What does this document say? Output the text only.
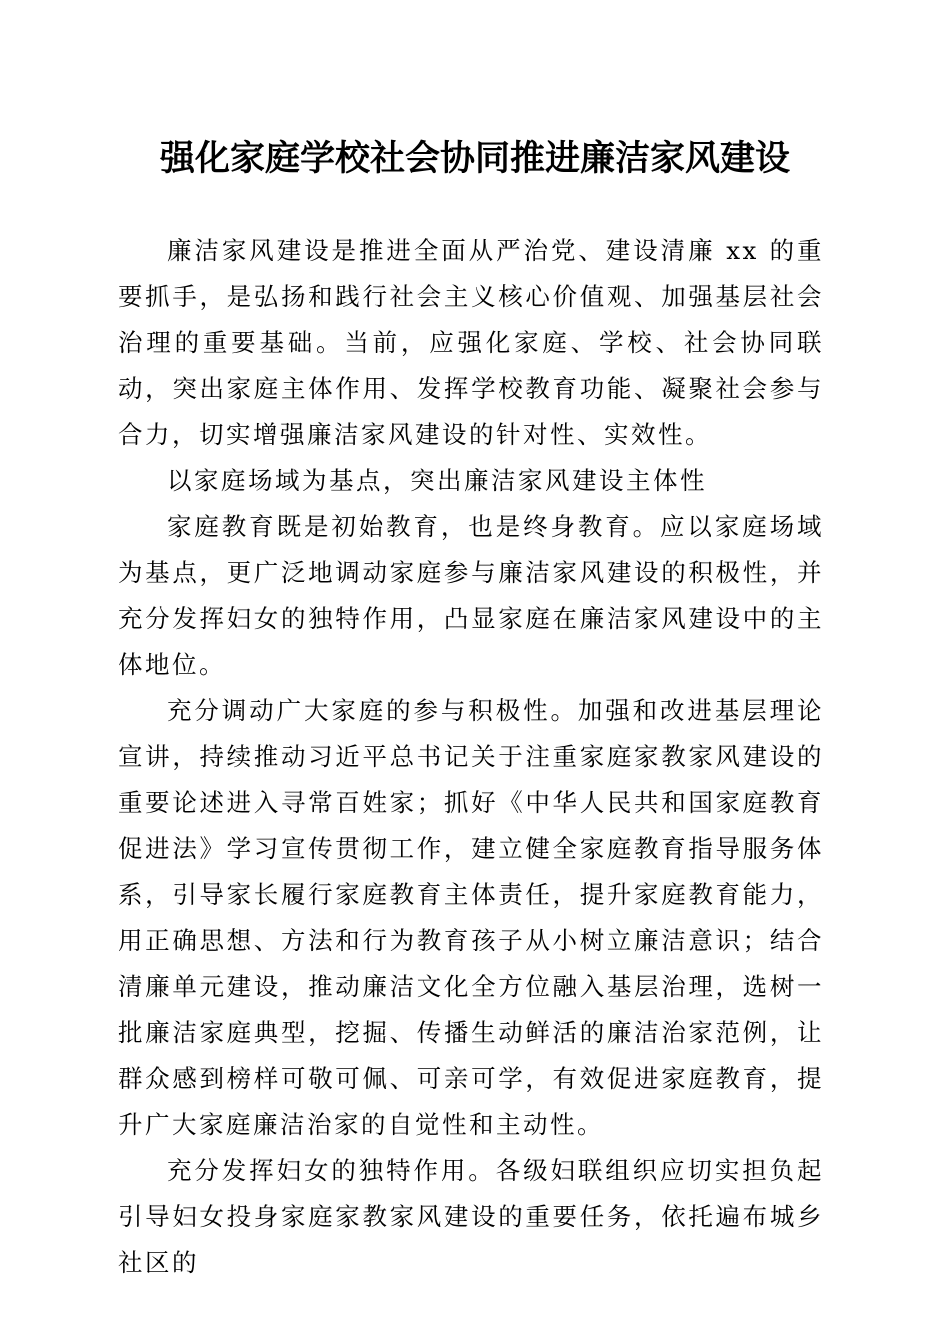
强化家庭学校社会协同推进廉洁家风建设

廉洁家风建设是推进全面从严治党、建设清廉 xx 的重要抓手，是弘扬和践行社会主义核心价值观、加强基层社会治理的重要基础。当前，应强化家庭、学校、社会协同联动，突出家庭主体作用、发挥学校教育功能、凝聚社会参与合力，切实增强廉洁家风建设的针对性、实效性。

以家庭场域为基点，突出廉洁家风建设主体性

家庭教育既是初始教育，也是终身教育。应以家庭场域为基点，更广泛地调动家庭参与廉洁家风建设的积极性，并充分发挥妇女的独特作用，凸显家庭在廉洁家风建设中的主体地位。

充分调动广大家庭的参与积极性。加强和改进基层理论宣讲，持续推动习近平总书记关于注重家庭家教家风建设的重要论述进入寻常百姓家；抓好《中华人民共和国家庭教育促进法》学习宣传贯彻工作，建立健全家庭教育指导服务体系，引导家长履行家庭教育主体责任，提升家庭教育能力，用正确思想、方法和行为教育孩子从小树立廉洁意识；结合清廉单元建设，推动廉洁文化全方位融入基层治理，选树一批廉洁家庭典型，挖掘、传播生动鲜活的廉洁治家范例，让群众感到榜样可敬可佩、可亲可学，有效促进家庭教育，提升广大家庭廉洁治家的自觉性和主动性。

充分发挥妇女的独特作用。各级妇联组织应切实担负起引导妇女投身家庭家教家风建设的重要任务，依托遍布城乡社区的
